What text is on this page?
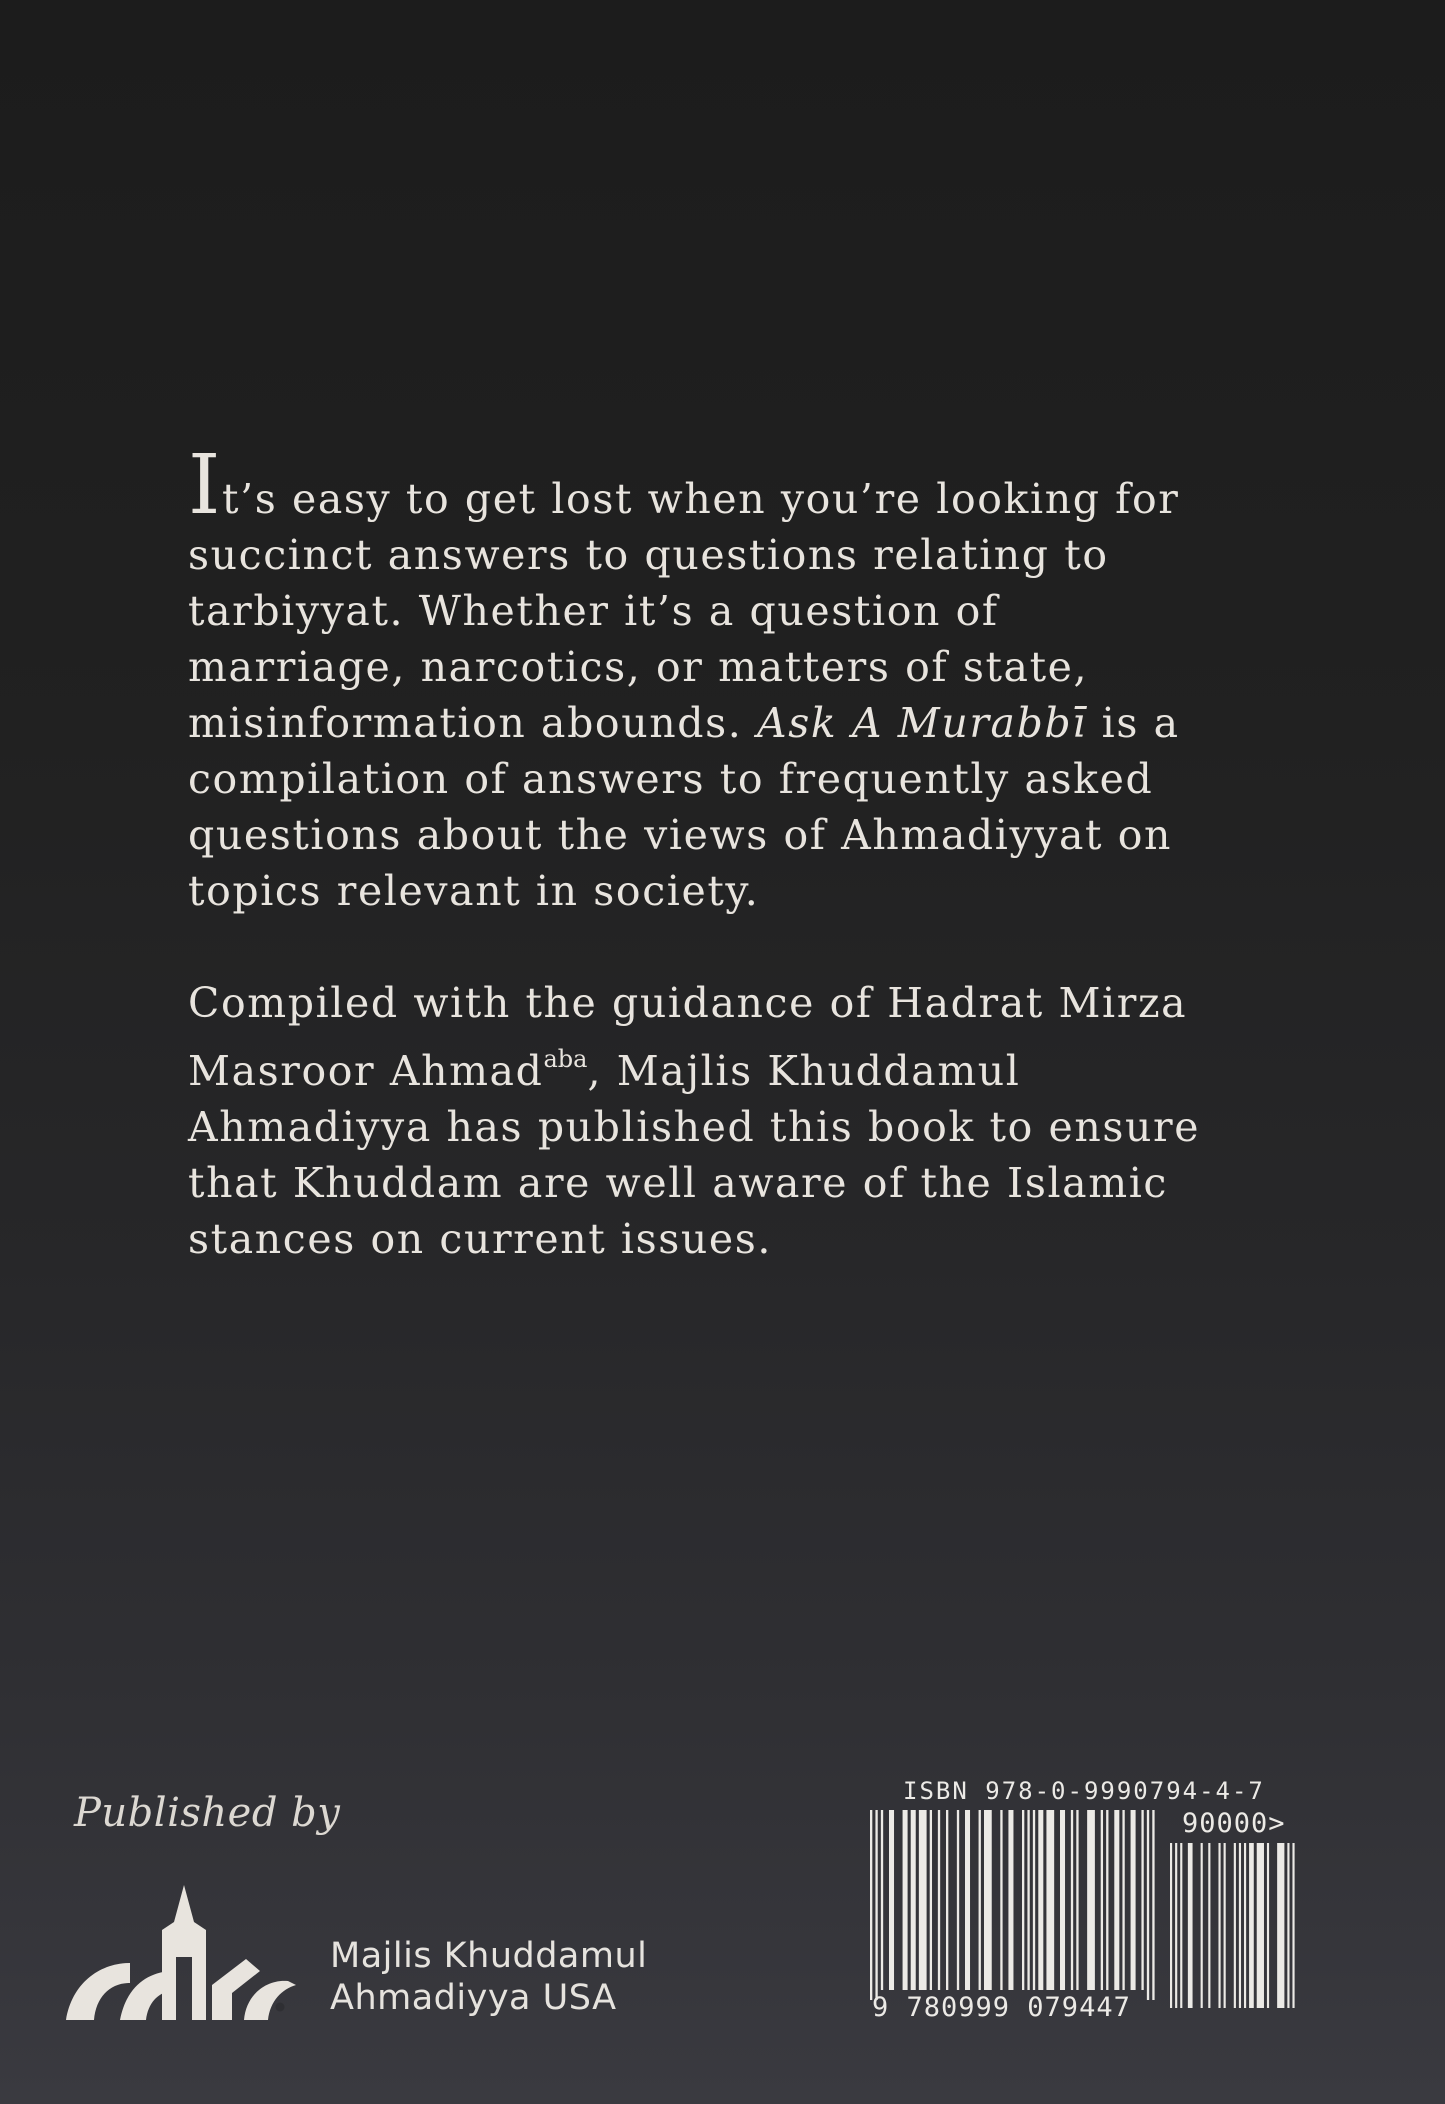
It’s easy to get lost when you’re looking for succinct answers to questions relating to tarbiyyat. Whether it’s a question of marriage, narcotics, or matters of state, misinformation abounds. Ask A Murabbī is a compilation of answers to frequently asked questions about the views of Ahmadiyyat on topics relevant in society.

Compiled with the guidance of Hadrat Mirza Masroor Ahmad$^{aba}$, Majlis Khuddamul Ahmadiyya has published this book to ensure that Khuddam are well aware of the Islamic stances on current issues.

Published by
Majlis Khuddamul
Ahmadiyya USA
ISBN 978-0-9990794-4-7
9 780999 079447
90000>
